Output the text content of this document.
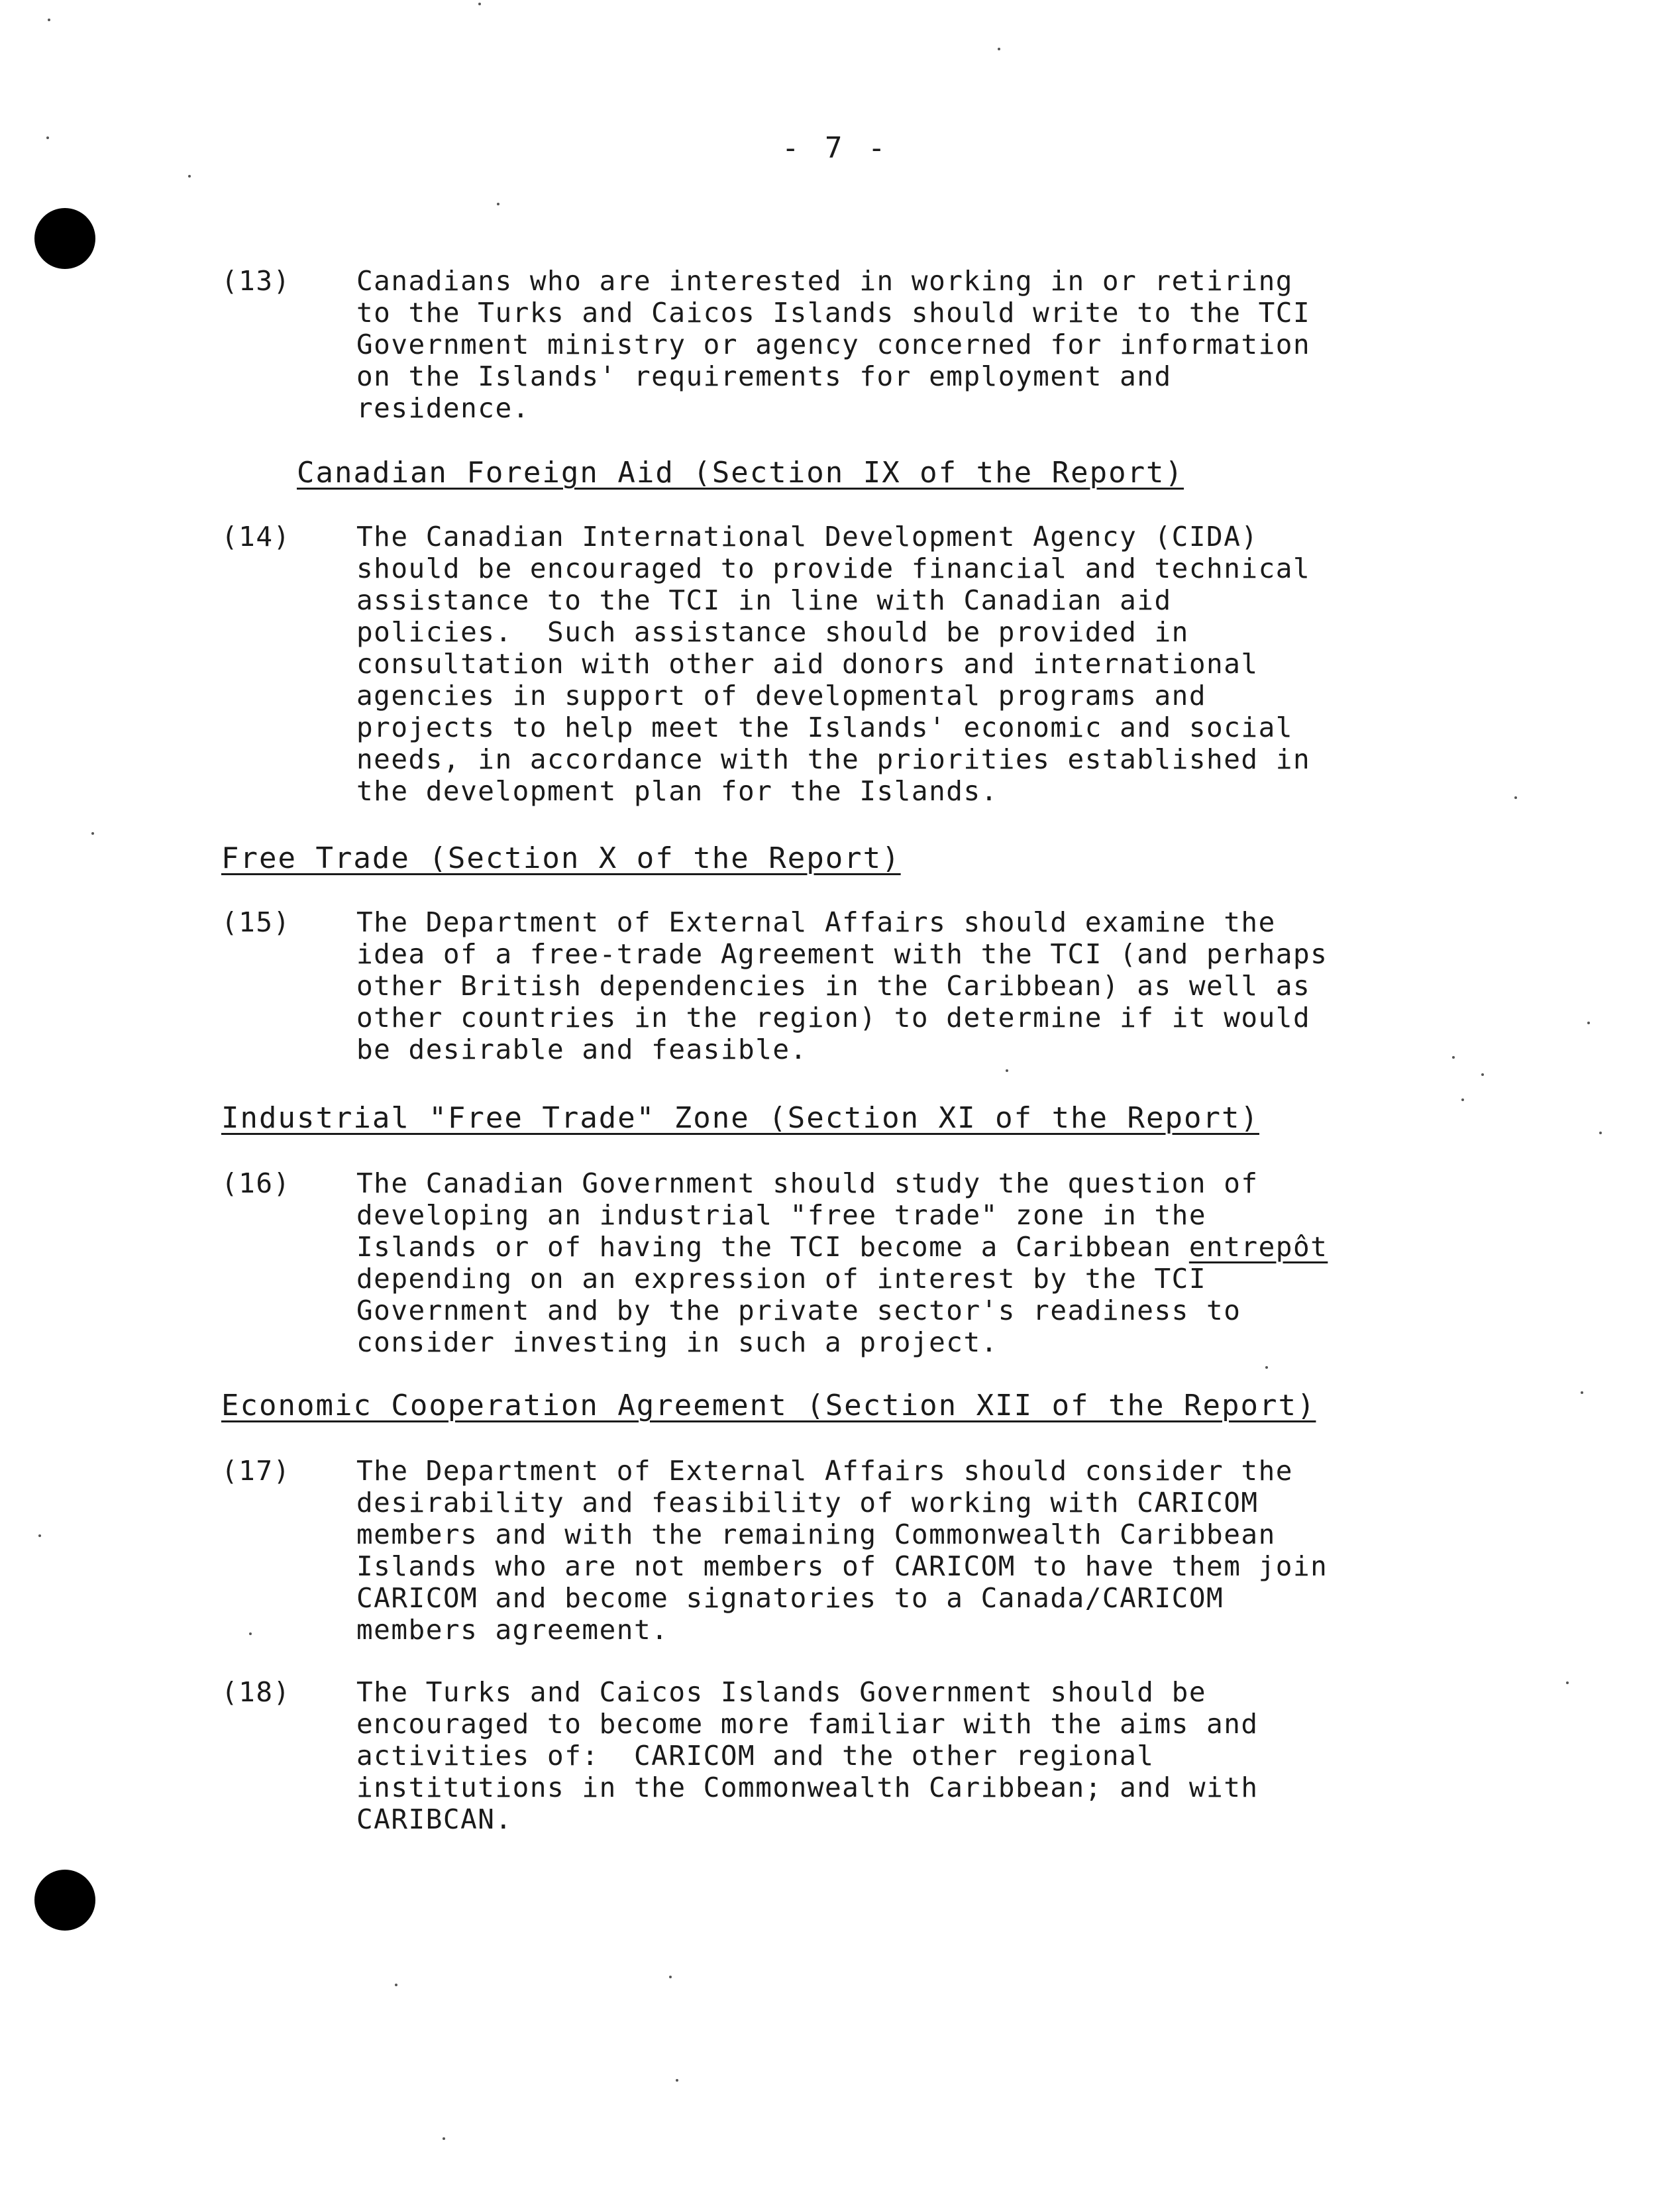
- 7 -
(13) Canadians who are interested in working in or retiring
to the Turks and Caicos Islands should write to the TCI
Government ministry or agency concerned for information
on the Islands' requirements for employment and
residence.
Canadian Foreign Aid (Section IX of the Report)
(14) The Canadian International Development Agency (CIDA)
should be encouraged to provide financial and technical
assistance to the TCI in line with Canadian aid
policies.  Such assistance should be provided in
consultation with other aid donors and international
agencies in support of developmental programs and
projects to help meet the Islands' economic and social
needs, in accordance with the priorities established in
the development plan for the Islands.
Free Trade (Section X of the Report)
(15) The Department of External Affairs should examine the
idea of a free-trade Agreement with the TCI (and perhaps
other British dependencies in the Caribbean) as well as
other countries in the region) to determine if it would
be desirable and feasible.
Industrial "Free Trade" Zone (Section XI of the Report)
(16) The Canadian Government should study the question of
developing an industrial "free trade" zone in the
Islands or of having the TCI become a Caribbean entrepôt
depending on an expression of interest by the TCI
Government and by the private sector's readiness to
consider investing in such a project.
Economic Cooperation Agreement (Section XII of the Report)
(17) The Department of External Affairs should consider the
desirability and feasibility of working with CARICOM
members and with the remaining Commonwealth Caribbean
Islands who are not members of CARICOM to have them join
CARICOM and become signatories to a Canada/CARICOM
members agreement.
(18) The Turks and Caicos Islands Government should be
encouraged to become more familiar with the aims and
activities of:  CARICOM and the other regional
institutions in the Commonwealth Caribbean; and with
CARIBCAN.
